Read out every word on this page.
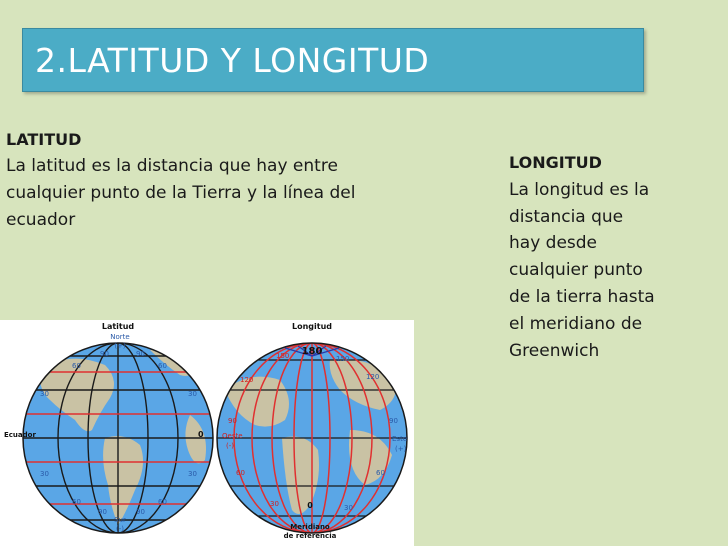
2.LATITUD Y LONGITUD
LATITUD
La latitud es la distancia que hay entre
cualquier punto de la Tierra y la línea del
ecuador
LONGITUD
La longitud es la
distancia que
hay desde
cualquier punto
de la tierra hasta
el meridiano de
Greenwich
Latitud
Norte
(+)
90	90
60	60
30	30
Ecuador	0
30	30
60	60
90	90
Sur
(-)
Longitud
180
150	150
120	120
90	90
Oeste
(-)
Este
(+)
60	60
30	30
0
Meridiano
de referencia
